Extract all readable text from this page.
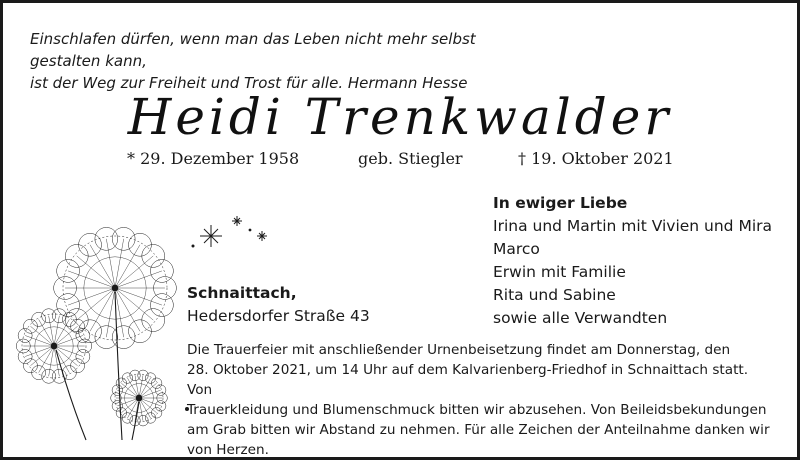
Einschlafen dürfen, wenn man das Leben nicht mehr selbst gestalten kann,
ist der Weg zur Freiheit und Trost für alle. Hermann Hesse
Heidi Trenkwalder
* 29. Dezember 1958	geb. Stiegler	† 19. Oktober 2021
In ewiger Liebe
Irina und Martin mit Vivien und Mira
Marco
Erwin mit Familie
Rita und Sabine
sowie alle Verwandten
Schnaittach,
Hedersdorfer Straße 43
Die Trauerfeier mit anschließender Urnenbeisetzung findet am Donnerstag, den
28. Oktober 2021, um 14 Uhr auf dem Kalvarienberg-Friedhof in Schnaittach statt. Von
Trauerkleidung und Blumenschmuck bitten wir abzusehen. Von Beileidsbekundungen
am Grab bitten wir Abstand zu nehmen. Für alle Zeichen der Anteilnahme danken wir
von Herzen.
